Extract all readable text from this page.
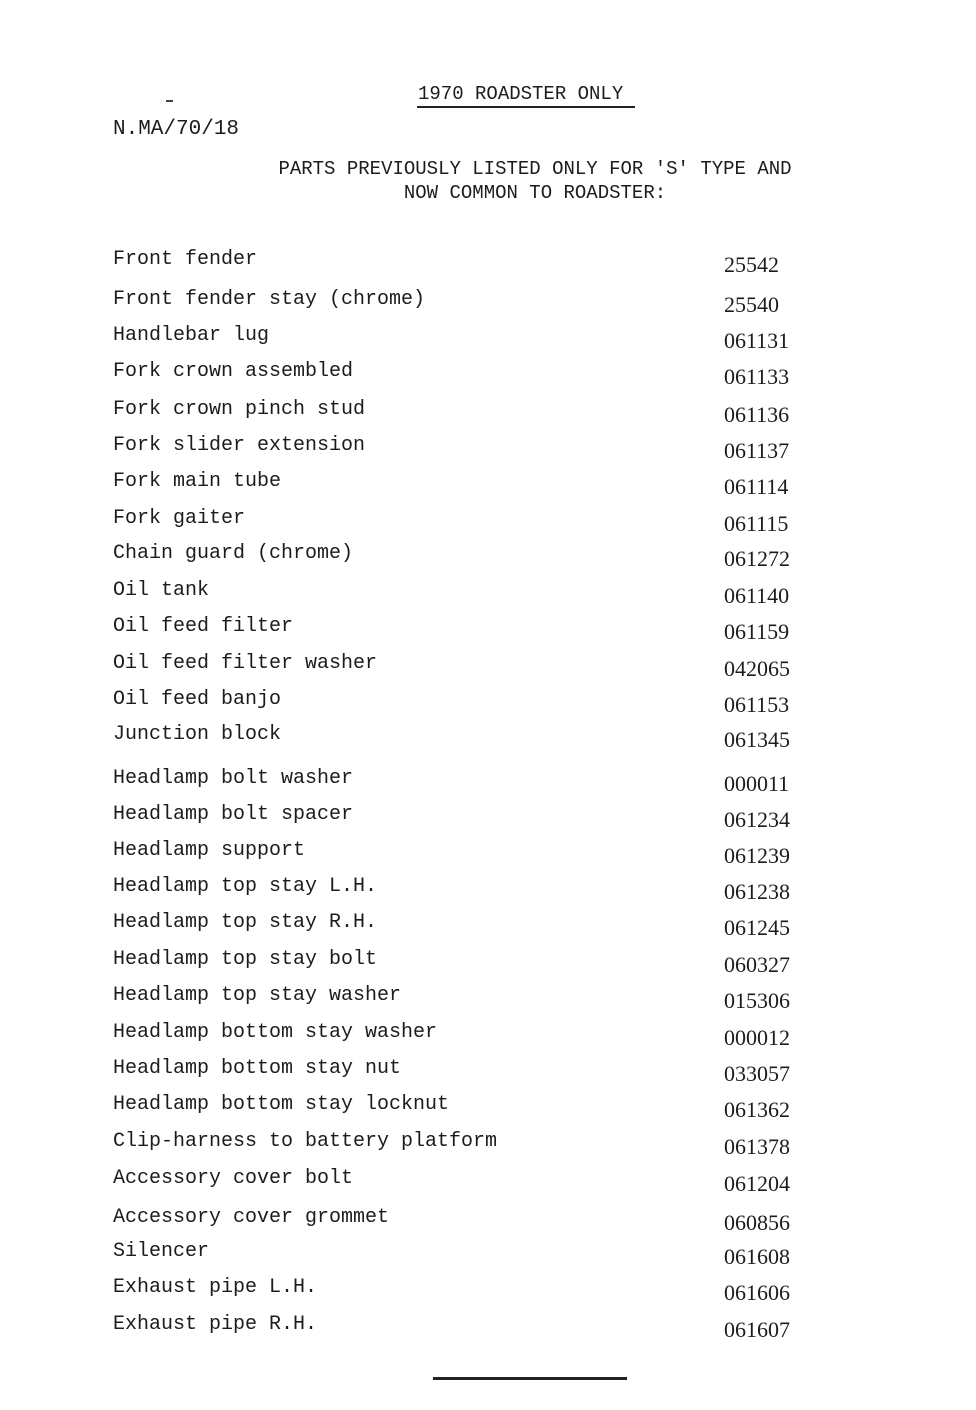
1970 ROADSTER ONLY
N.MA/70/18
PARTS PREVIOUSLY LISTED ONLY FOR 'S' TYPE AND
NOW COMMON TO ROADSTER:
Front fender	25542
Front fender stay (chrome)	25540
Handlebar lug	061131
Fork crown assembled	061133
Fork crown pinch stud	061136
Fork slider extension	061137
Fork main tube	061114
Fork gaiter	061115
Chain guard (chrome)	061272
Oil tank	061140
Oil feed filter	061159
Oil feed filter washer	042065
Oil feed banjo	061153
Junction block	061345
Headlamp bolt washer	000011
Headlamp bolt spacer	061234
Headlamp support	061239
Headlamp top stay L.H.	061238
Headlamp top stay R.H.	061245
Headlamp top stay bolt	060327
Headlamp top stay washer	015306
Headlamp bottom stay washer	000012
Headlamp bottom stay nut	033057
Headlamp bottom stay locknut	061362
Clip-harness to battery platform	061378
Accessory cover bolt	061204
Accessory cover grommet	060856
Silencer	061608
Exhaust pipe L.H.	061606
Exhaust pipe R.H.	061607
